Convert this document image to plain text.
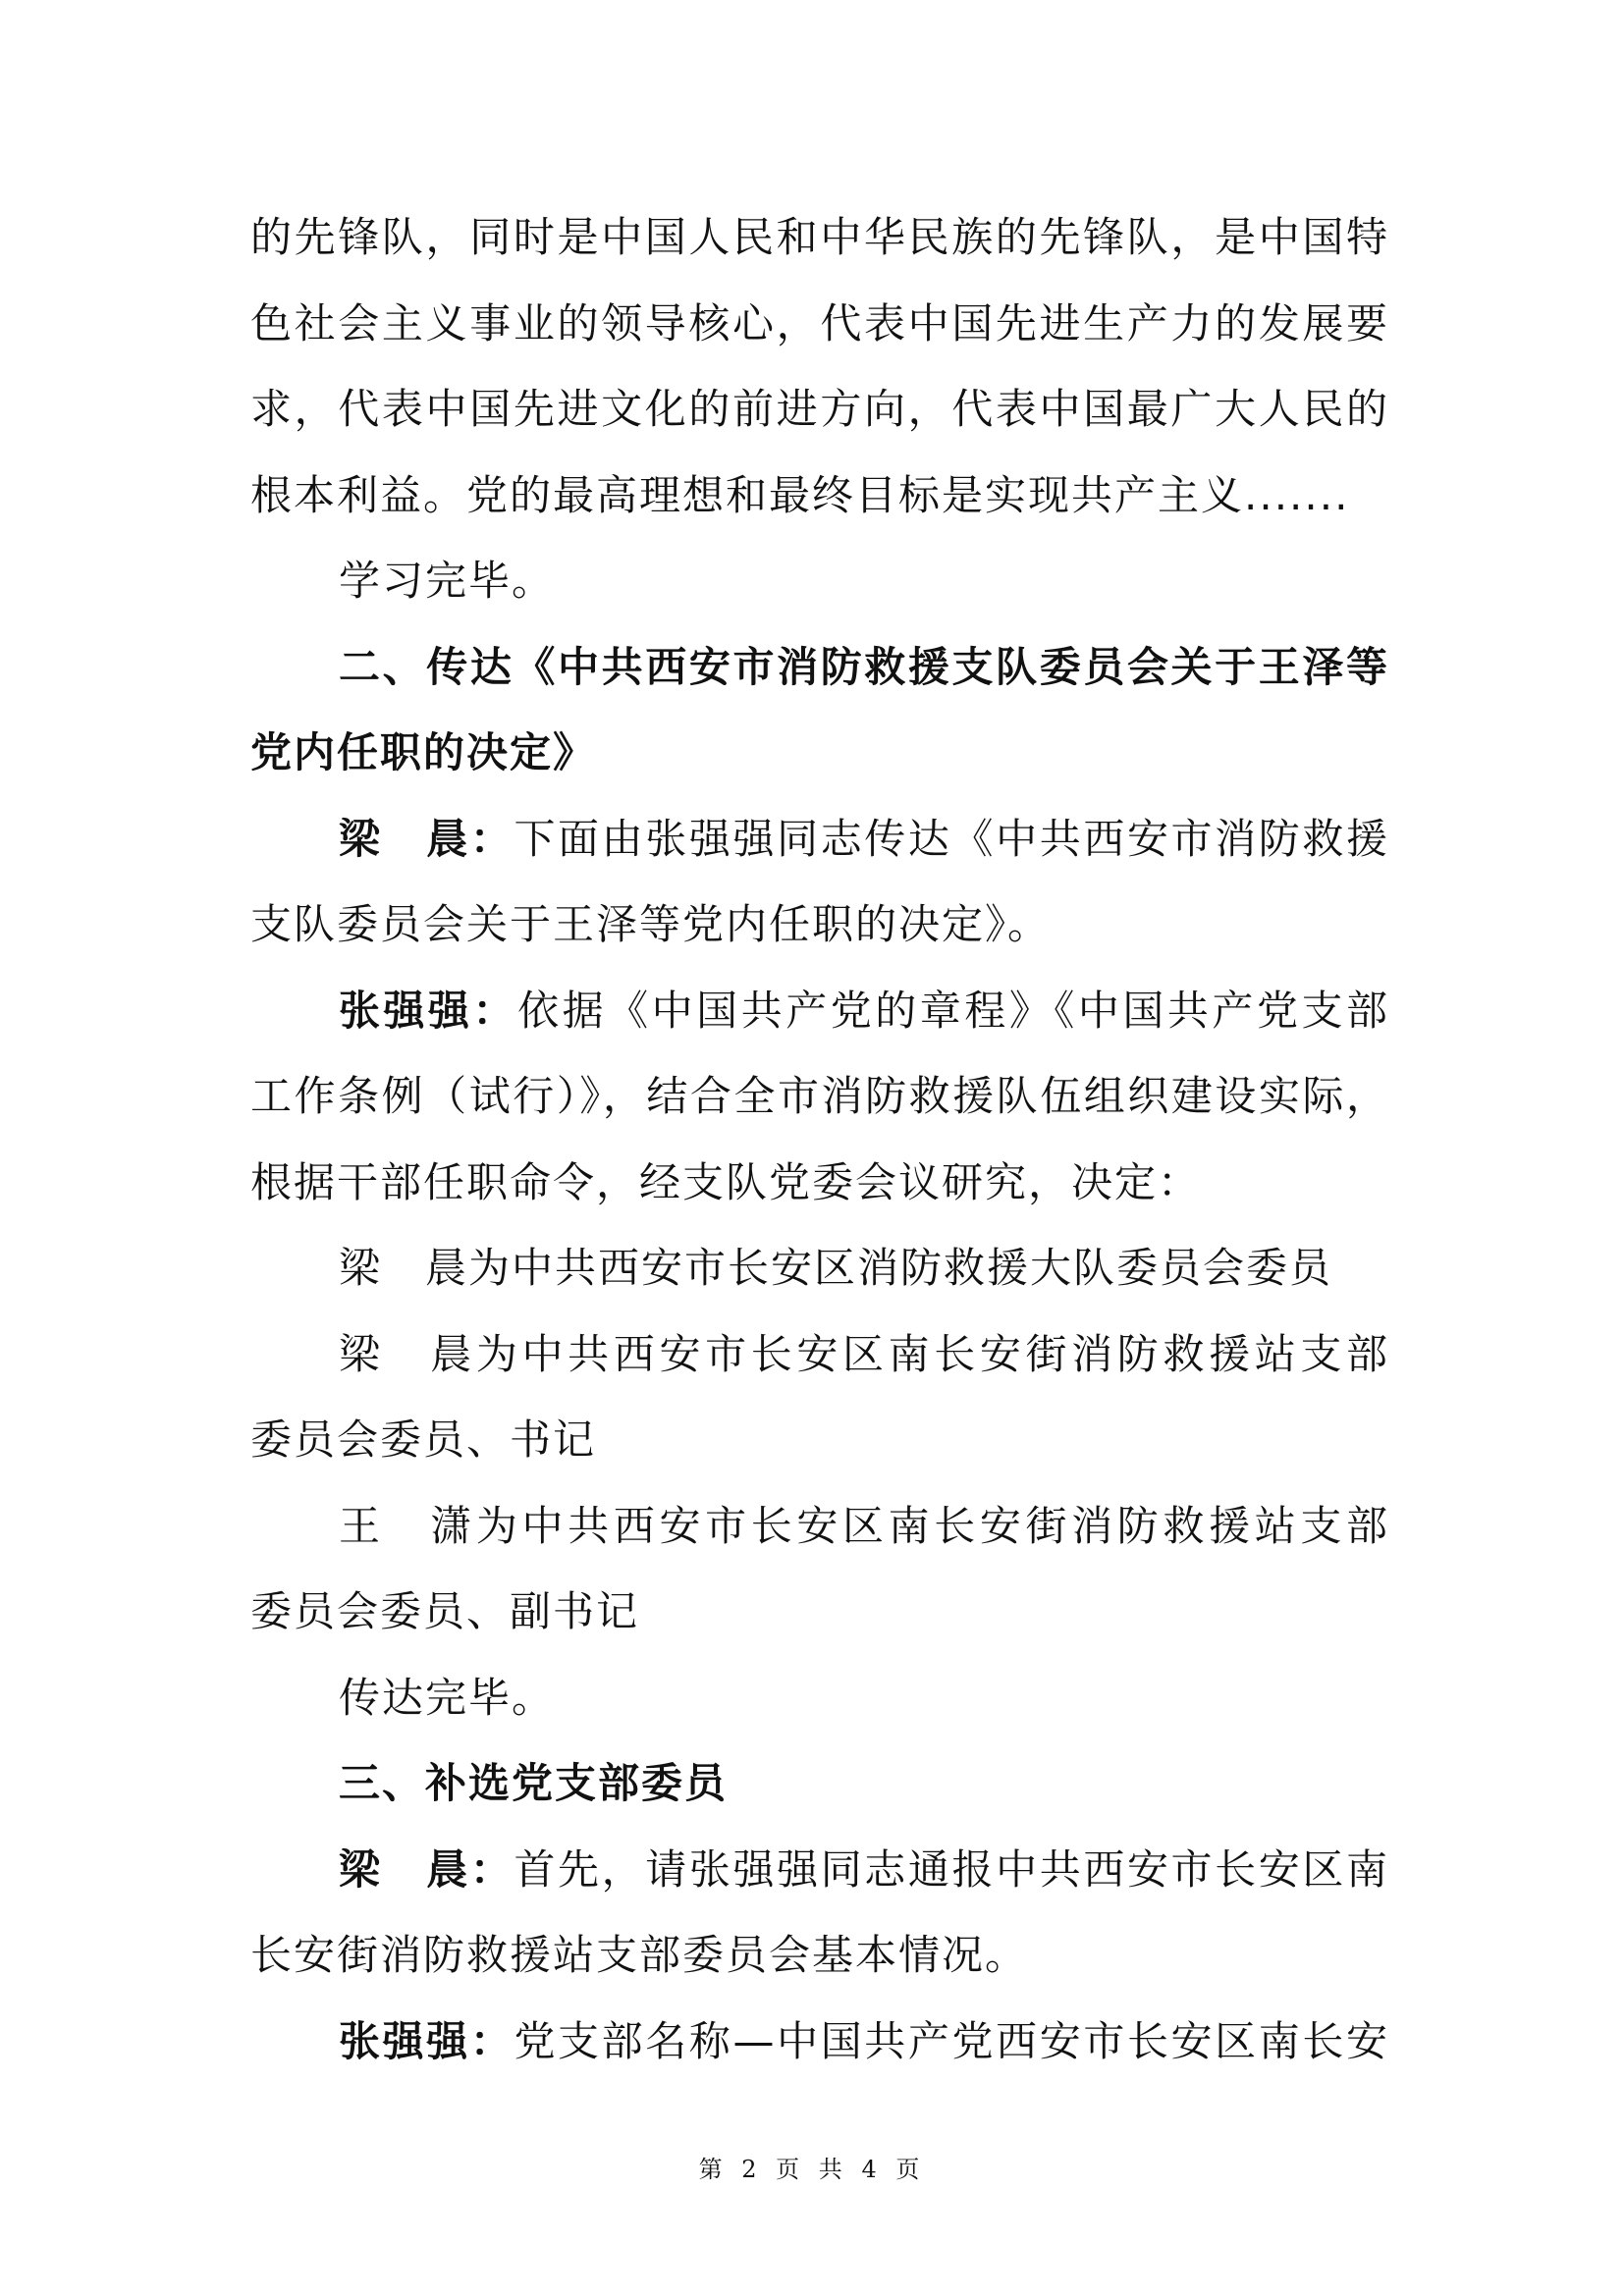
的先锋队，同时是中国人民和中华民族的先锋队，是中国特
色社会主义事业的领导核心，代表中国先进生产力的发展要
求，代表中国先进文化的前进方向，代表中国最广大人民的
根本利益。党的最高理想和最终目标是实现共产主义.......
学习完毕。
二、传达《中共西安市消防救援支队委员会关于王泽等
党内任职的决定》
梁　晨：下面由张强强同志传达《中共西安市消防救援
支队委员会关于王泽等党内任职的决定》。
张强强：依据《中国共产党的章程》《中国共产党支部
工作条例（试行）》，结合全市消防救援队伍组织建设实际，
根据干部任职命令，经支队党委会议研究，决定：
梁　晨为中共西安市长安区消防救援大队委员会委员
梁　晨为中共西安市长安区南长安街消防救援站支部
委员会委员、书记
王　潇为中共西安市长安区南长安街消防救援站支部
委员会委员、副书记
传达完毕。
三、补选党支部委员
梁　晨：首先，请张强强同志通报中共西安市长安区南
长安街消防救援站支部委员会基本情况。
张强强：党支部名称—中国共产党西安市长安区南长安
第 2 页 共 4 页
